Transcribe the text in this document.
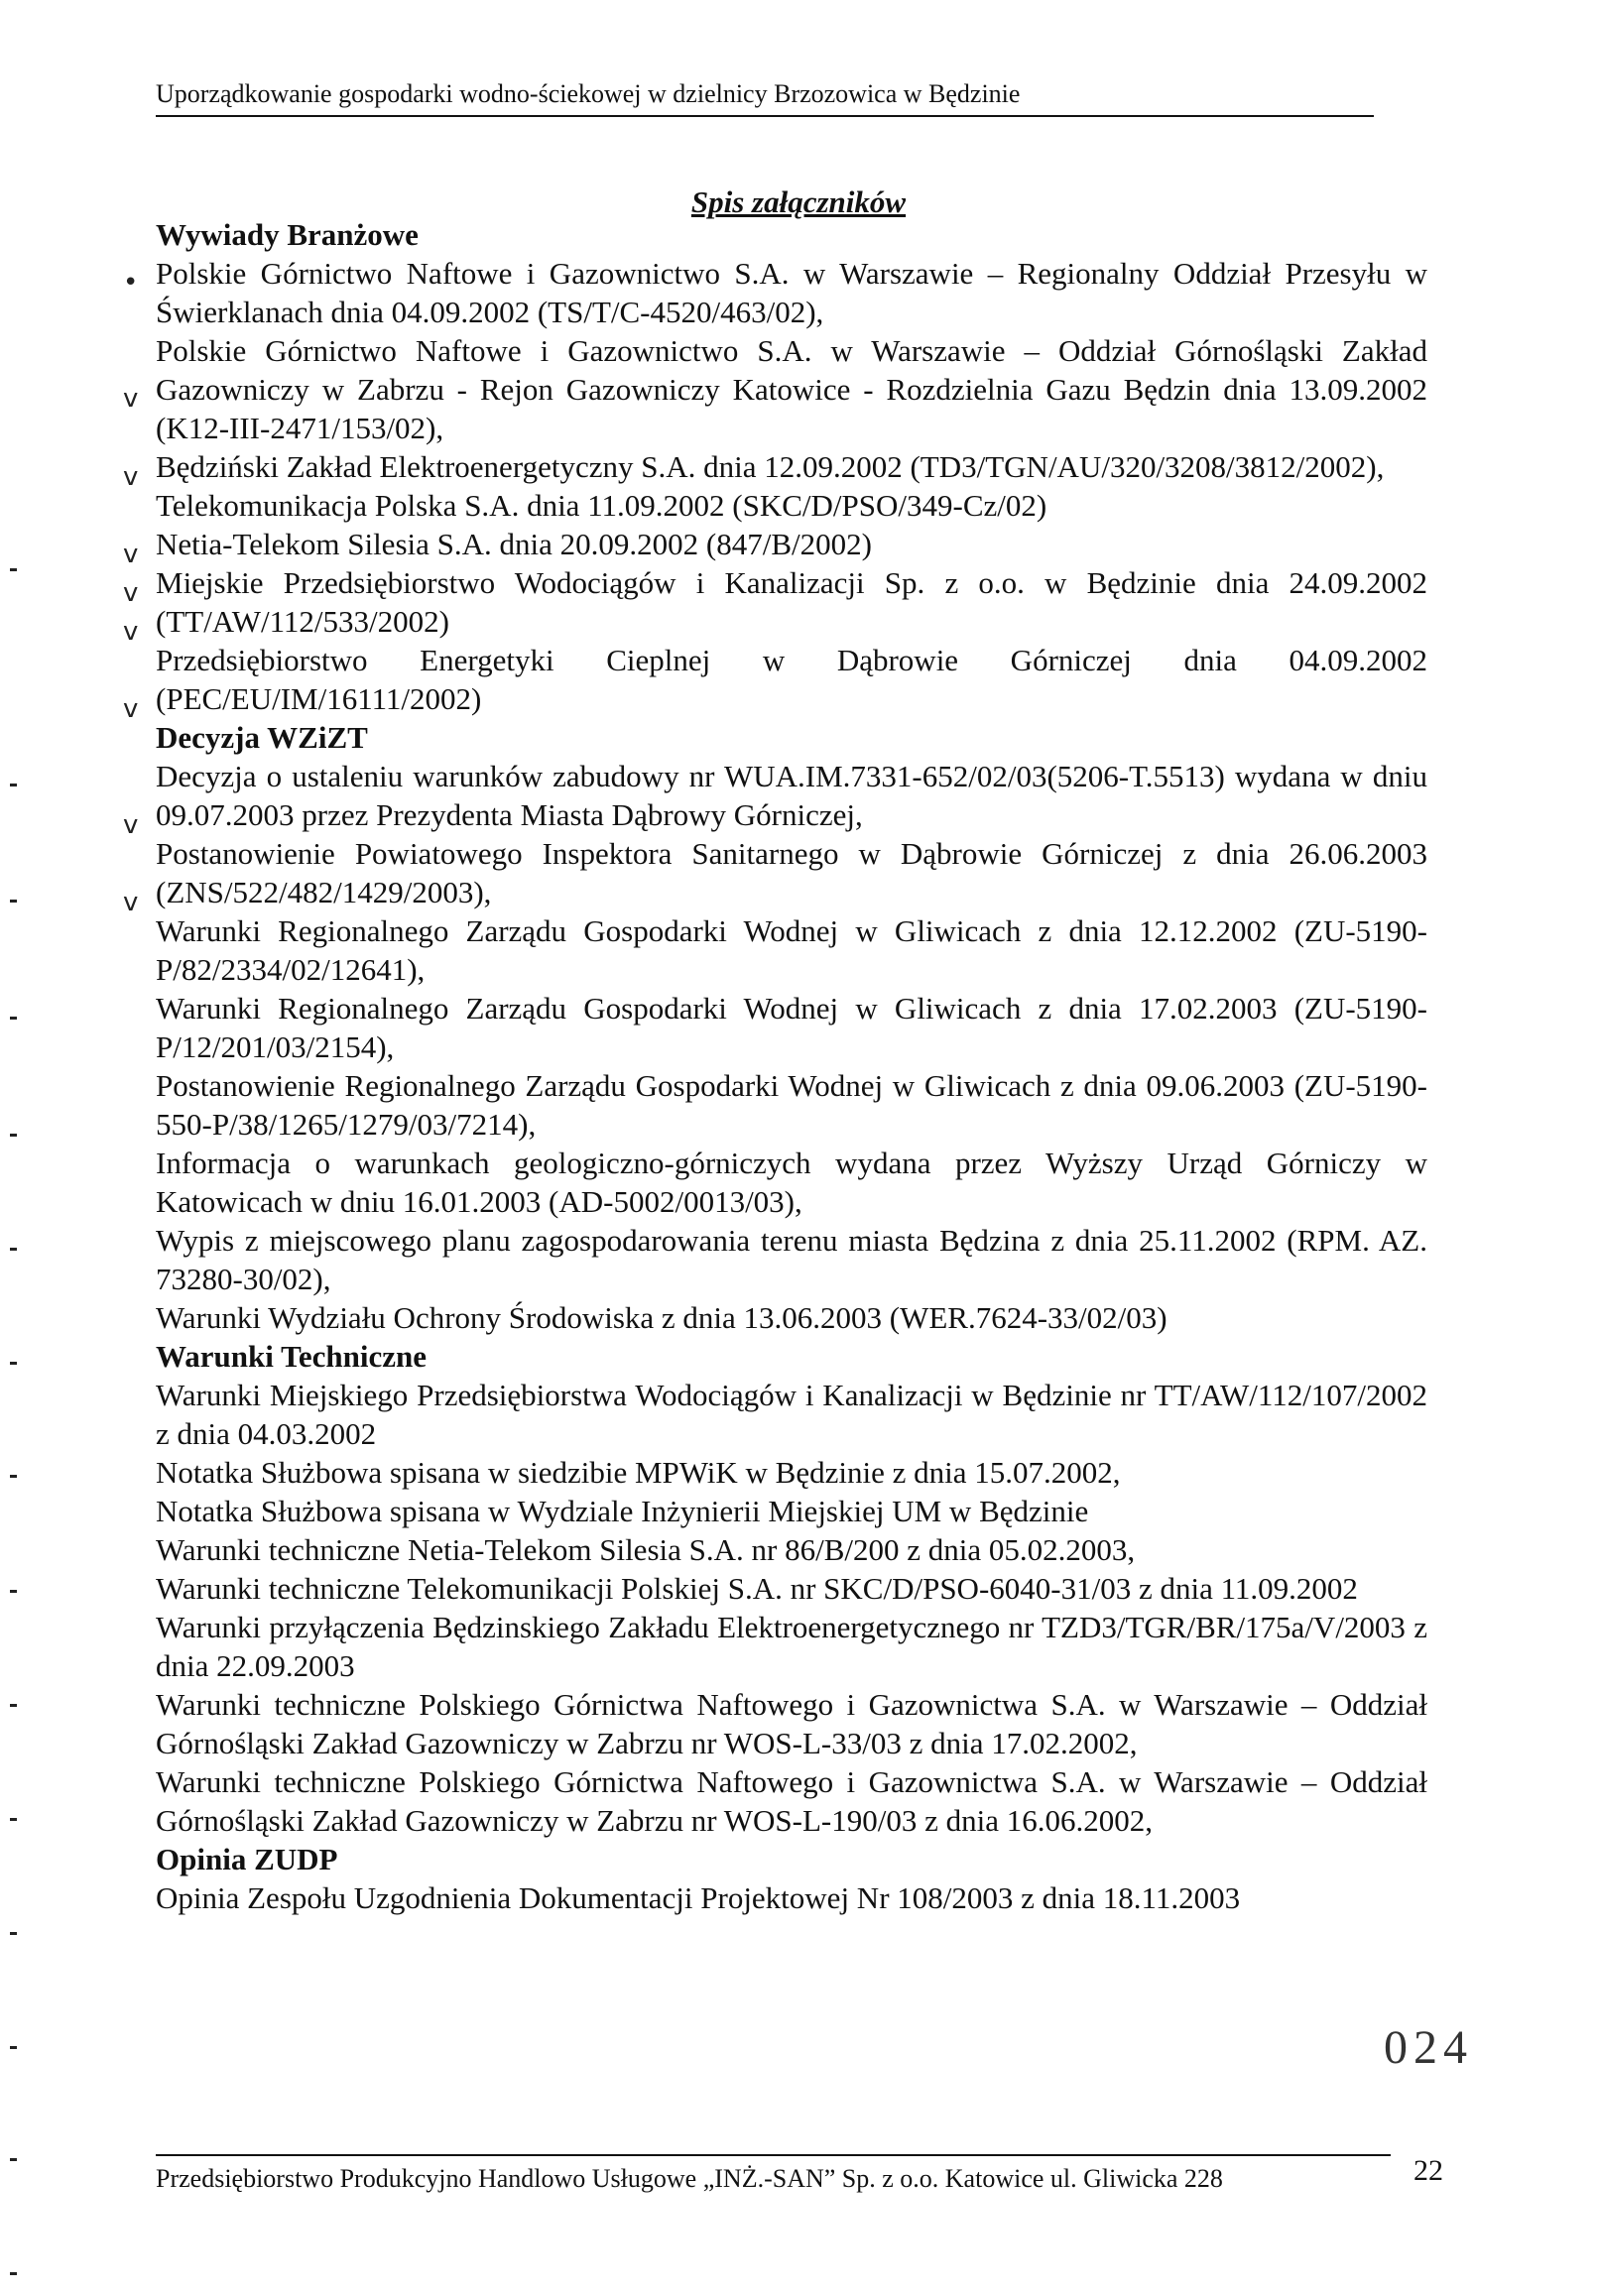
Uporządkowanie gospodarki wodno-ściekowej w dzielnicy Brzozowica w Będzinie
Spis załączników
Wywiady Branżowe
Polskie Górnictwo Naftowe i Gazownictwo S.A. w Warszawie – Regionalny Oddział Przesyłu w Świerklanach dnia 04.09.2002 (TS/T/C-4520/463/02),
Polskie Górnictwo Naftowe i Gazownictwo S.A. w Warszawie – Oddział Górnośląski Zakład Gazowniczy w Zabrzu - Rejon Gazowniczy Katowice - Rozdzielnia Gazu Będzin dnia 13.09.2002 (K12-III-2471/153/02),
Będziński Zakład Elektroenergetyczny S.A. dnia 12.09.2002 (TD3/TGN/AU/320/3208/3812/2002),
Telekomunikacja Polska S.A. dnia 11.09.2002 (SKC/D/PSO/349-Cz/02)
Netia-Telekom Silesia S.A. dnia 20.09.2002 (847/B/2002)
Miejskie Przedsiębiorstwo Wodociągów i Kanalizacji Sp. z o.o. w Będzinie dnia 24.09.2002 (TT/AW/112/533/2002)
Przedsiębiorstwo Energetyki Cieplnej w Dąbrowie Górniczej dnia 04.09.2002 (PEC/EU/IM/16111/2002)
Decyzja WZiZT
Decyzja o ustaleniu warunków zabudowy nr WUA.IM.7331-652/02/03(5206-T.5513) wydana w dniu 09.07.2003 przez Prezydenta Miasta Dąbrowy Górniczej,
Postanowienie Powiatowego Inspektora Sanitarnego w Dąbrowie Górniczej z dnia 26.06.2003 (ZNS/522/482/1429/2003),
Warunki Regionalnego Zarządu Gospodarki Wodnej w Gliwicach z dnia 12.12.2002 (ZU-5190-P/82/2334/02/12641),
Warunki Regionalnego Zarządu Gospodarki Wodnej w Gliwicach z dnia 17.02.2003 (ZU-5190-P/12/201/03/2154),
Postanowienie Regionalnego Zarządu Gospodarki Wodnej w Gliwicach z dnia 09.06.2003 (ZU-5190-550-P/38/1265/1279/03/7214),
Informacja o warunkach geologiczno-górniczych wydana przez Wyższy Urząd Górniczy w Katowicach w dniu 16.01.2003 (AD-5002/0013/03),
Wypis z miejscowego planu zagospodarowania terenu miasta Będzina z dnia 25.11.2002 (RPM. AZ. 73280-30/02),
Warunki Wydziału Ochrony Środowiska z dnia 13.06.2003 (WER.7624-33/02/03)
Warunki Techniczne
Warunki Miejskiego Przedsiębiorstwa Wodociągów i Kanalizacji w Będzinie nr TT/AW/112/107/2002 z dnia 04.03.2002
Notatka Służbowa spisana w siedzibie MPWiK w Będzinie z dnia 15.07.2002,
Notatka Służbowa spisana w Wydziale Inżynierii Miejskiej UM w Będzinie
Warunki techniczne Netia-Telekom Silesia S.A. nr 86/B/200 z dnia 05.02.2003,
Warunki techniczne Telekomunikacji Polskiej S.A. nr SKC/D/PSO-6040-31/03 z dnia 11.09.2002
Warunki przyłączenia Będzinskiego Zakładu Elektroenergetycznego nr TZD3/TGR/BR/175a/V/2003 z dnia 22.09.2003
Warunki techniczne Polskiego Górnictwa Naftowego i Gazownictwa S.A. w Warszawie – Oddział Górnośląski Zakład Gazowniczy w Zabrzu nr WOS-L-33/03 z dnia 17.02.2002,
Warunki techniczne Polskiego Górnictwa Naftowego i Gazownictwa S.A. w Warszawie – Oddział Górnośląski Zakład Gazowniczy w Zabrzu nr WOS-L-190/03 z dnia 16.06.2002,
Opinia ZUDP
Opinia Zespołu Uzgodnienia Dokumentacji Projektowej Nr 108/2003 z dnia 18.11.2003
•
v
v
v
v
v
v
v
v
024
Przedsiębiorstwo Produkcyjno Handlowo Usługowe „INŻ.-SAN” Sp. z o.o. Katowice ul. Gliwicka 228	22
